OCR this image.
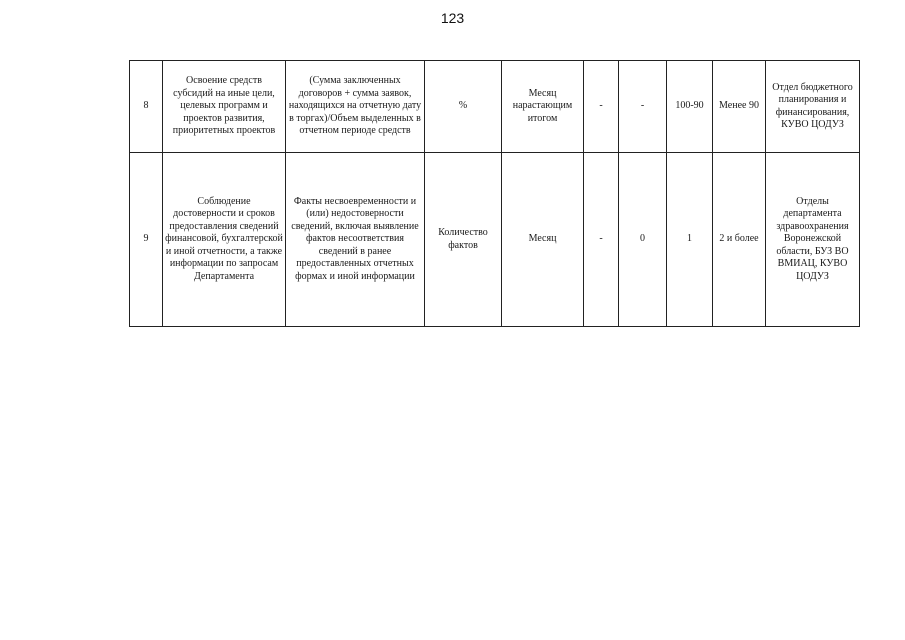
123
8	Освоение средств субсидий на иные цели, целевых программ и проектов развития, приоритетных проектов	(Сумма заключенных договоров + сумма заявок, находящихся на отчетную дату в торгах)/Объем выделенных в отчетном периоде средств	%	Месяц нарастающим итогом	-	-	100-90	Менее 90	Отдел бюджетного планирования и финансирования, КУВО ЦОДУЗ
9	Соблюдение достоверности и сроков предоставления сведений финансовой, бухгалтерской и иной отчетности, а также информации по запросам Департамента	Факты несвоевременности и (или) недостоверности сведений, включая выявление фактов несоответствия сведений в ранее предоставленных отчетных формах и иной информации	Количество фактов	Месяц	-	0	1	2 и более	Отделы департамента здравоохранения Воронежской области, БУЗ ВО ВМИАЦ, КУВО ЦОДУЗ
